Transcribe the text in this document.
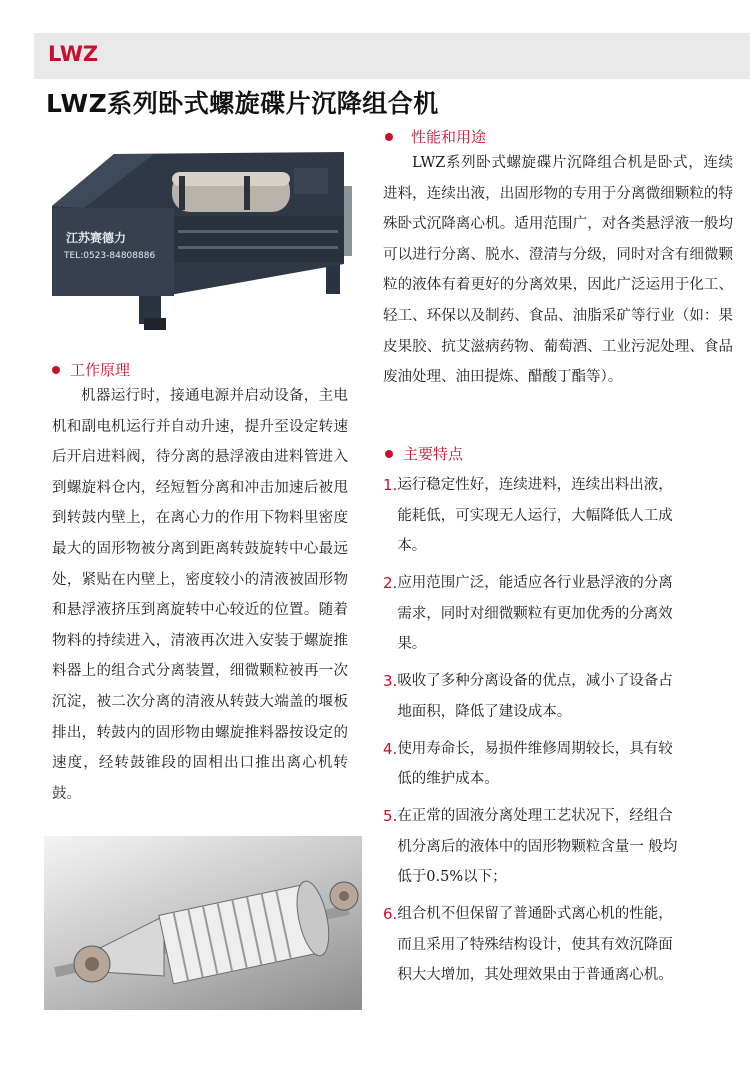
LWZ
LWZ系列卧式螺旋碟片沉降组合机
江苏赛德力
TEL:0523-84808886
性能和用途

LWZ系列卧式螺旋碟片沉降组合机是卧式，连续进料，连续出液，出固形物的专用于分离微细颗粒的特殊卧式沉降离心机。适用范围广，对各类悬浮液一般均可以进行分离、脱水、澄清与分级，同时对含有细微颗粒的液体有着更好的分离效果，因此广泛运用于化工、轻工、环保以及制药、食品、油脂采矿等行业（如：果皮果胶、抗艾滋病药物、葡萄酒、工业污泥处理、食品废油处理、油田提炼、醋酸丁酯等）。

工作原理

机器运行时，接通电源并启动设备，主电机和副电机运行并自动升速，提升至设定转速后开启进料阀，待分离的悬浮液由进料管进入到螺旋料仓内，经短暂分离和冲击加速后被甩到转鼓内壁上，在离心力的作用下物料里密度最大的固形物被分离到距离转鼓旋转中心最远处，紧贴在内壁上，密度较小的清液被固形物和悬浮液挤压到离旋转中心较近的位置。随着物料的持续进入，清液再次进入安装于螺旋推料器上的组合式分离装置，细微颗粒被再一次沉淀，被二次分离的清液从转鼓大端盖的堰板排出，转鼓内的固形物由螺旋推料器按设定的速度，经转鼓锥段的固相出口推出离心机转鼓。

主要特点
1. 运行稳定性好，连续进料，连续出料出液，能耗低，可实现无人运行，大幅降低人工成本。
2. 应用范围广泛，能适应各行业悬浮液的分离需求，同时对细微颗粒有更加优秀的分离效果。
3. 吸收了多种分离设备的优点，减小了设备占地面积，降低了建设成本。
4. 使用寿命长，易损件维修周期较长，具有较低的维护成本。
5. 在正常的固液分离处理工艺状况下，经组合机分离后的液体中的固形物颗粒含量一 般均低于0.5%以下；
6. 组合机不但保留了普通卧式离心机的性能，而且采用了特殊结构设计，使其有效沉降面积大大增加，其处理效果由于普通离心机。
